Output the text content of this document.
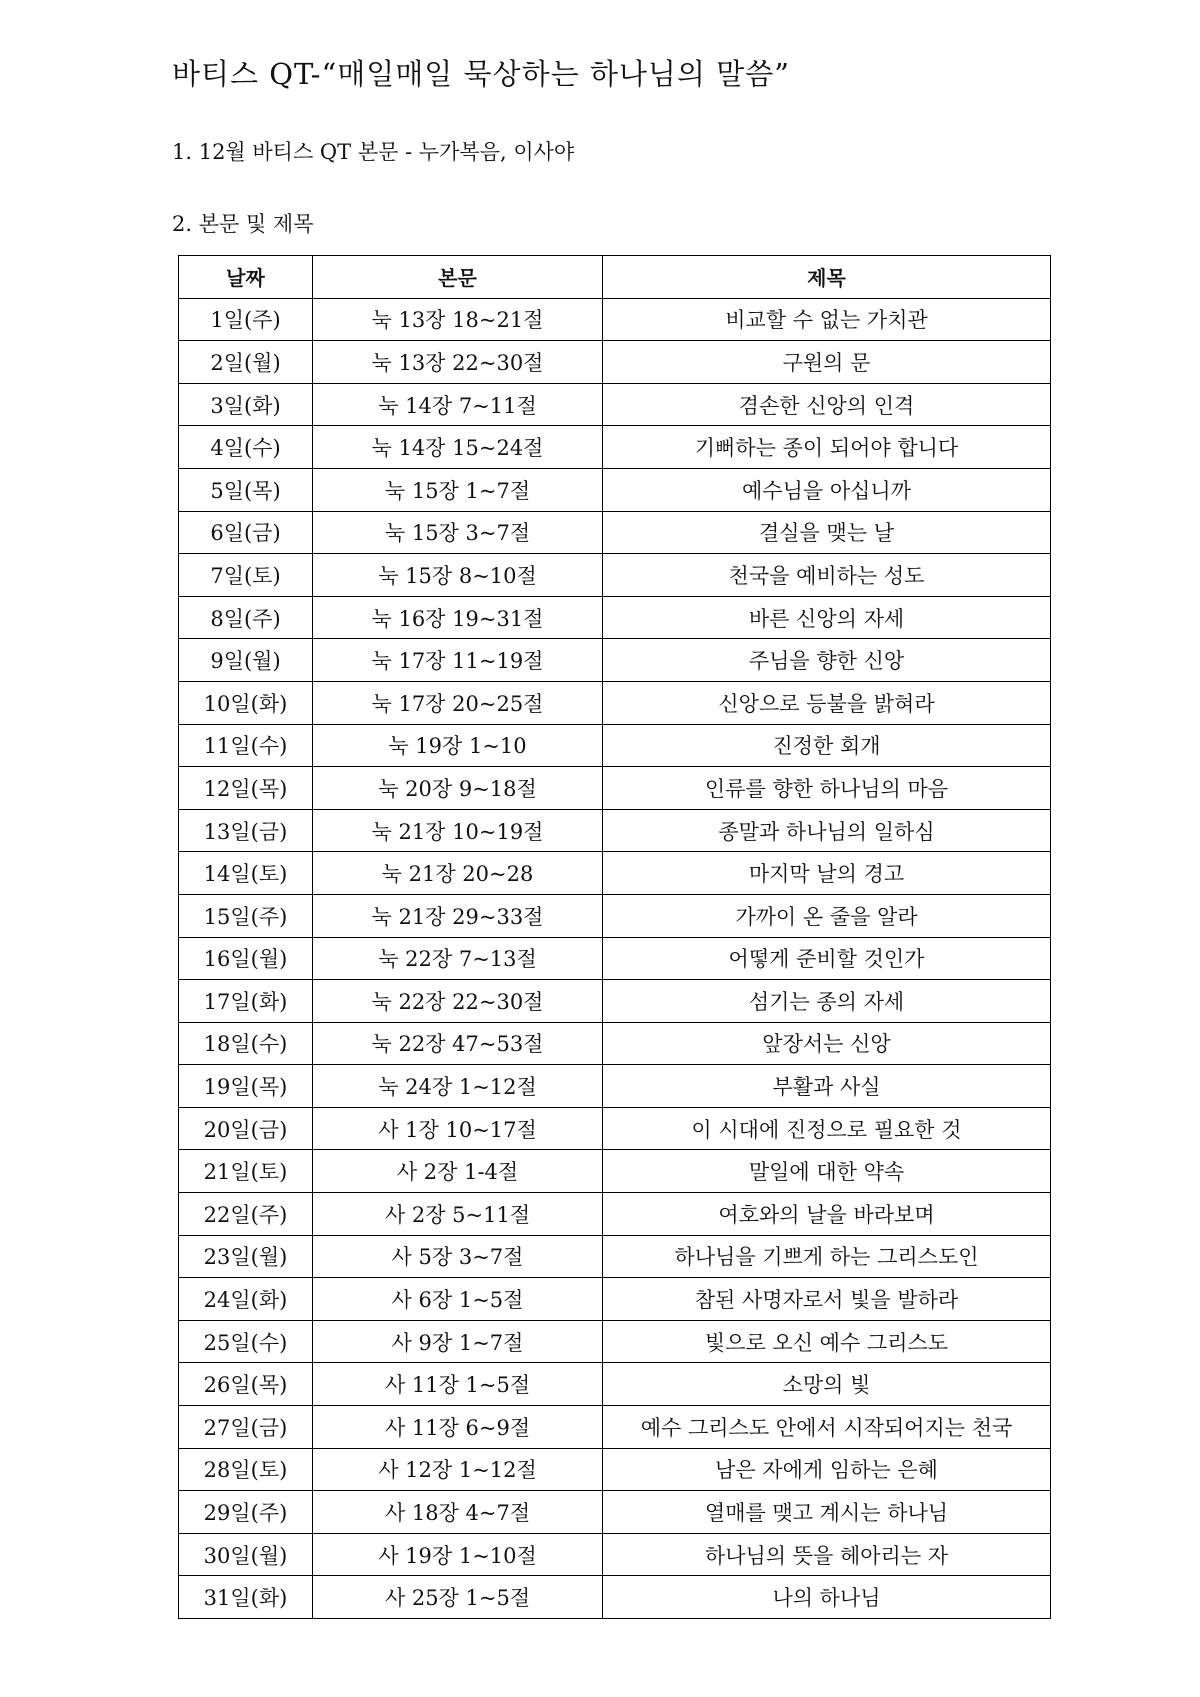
바티스 QT-“매일매일 묵상하는 하나님의 말씀”
1. 12월 바티스 QT 본문 - 누가복음, 이사야
2. 본문 및 제목
날짜	본문	제목
1일(주)	눅 13장 18~21절	비교할 수 없는 가치관
2일(월)	눅 13장 22~30절	구원의 문
3일(화)	눅 14장 7~11절	겸손한 신앙의 인격
4일(수)	눅 14장 15~24절	기뻐하는 종이 되어야 합니다
5일(목)	눅 15장 1~7절	예수님을 아십니까
6일(금)	눅 15장 3~7절	결실을 맺는 날
7일(토)	눅 15장 8~10절	천국을 예비하는 성도
8일(주)	눅 16장 19~31절	바른 신앙의 자세
9일(월)	눅 17장 11~19절	주님을 향한 신앙
10일(화)	눅 17장 20~25절	신앙으로 등불을 밝혀라
11일(수)	눅 19장 1~10	진정한 회개
12일(목)	눅 20장 9~18절	인류를 향한 하나님의 마음
13일(금)	눅 21장 10~19절	종말과 하나님의 일하심
14일(토)	눅 21장 20~28	마지막 날의 경고
15일(주)	눅 21장 29~33절	가까이 온 줄을 알라
16일(월)	눅 22장 7~13절	어떻게 준비할 것인가
17일(화)	눅 22장 22~30절	섬기는 종의 자세
18일(수)	눅 22장 47~53절	앞장서는 신앙
19일(목)	눅 24장 1~12절	부활과 사실
20일(금)	사 1장 10~17절	이 시대에 진정으로 필요한 것
21일(토)	사 2장 1-4절	말일에 대한 약속
22일(주)	사 2장 5~11절	여호와의 날을 바라보며
23일(월)	사 5장 3~7절	하나님을 기쁘게 하는 그리스도인
24일(화)	사 6장 1~5절	참된 사명자로서 빛을 발하라
25일(수)	사 9장 1~7절	빛으로 오신 예수 그리스도
26일(목)	사 11장 1~5절	소망의 빛
27일(금)	사 11장 6~9절	예수 그리스도 안에서 시작되어지는 천국
28일(토)	사 12장 1~12절	남은 자에게 임하는 은혜
29일(주)	사 18장 4~7절	열매를 맺고 계시는 하나님
30일(월)	사 19장 1~10절	하나님의 뜻을 헤아리는 자
31일(화)	사 25장 1~5절	나의 하나님
